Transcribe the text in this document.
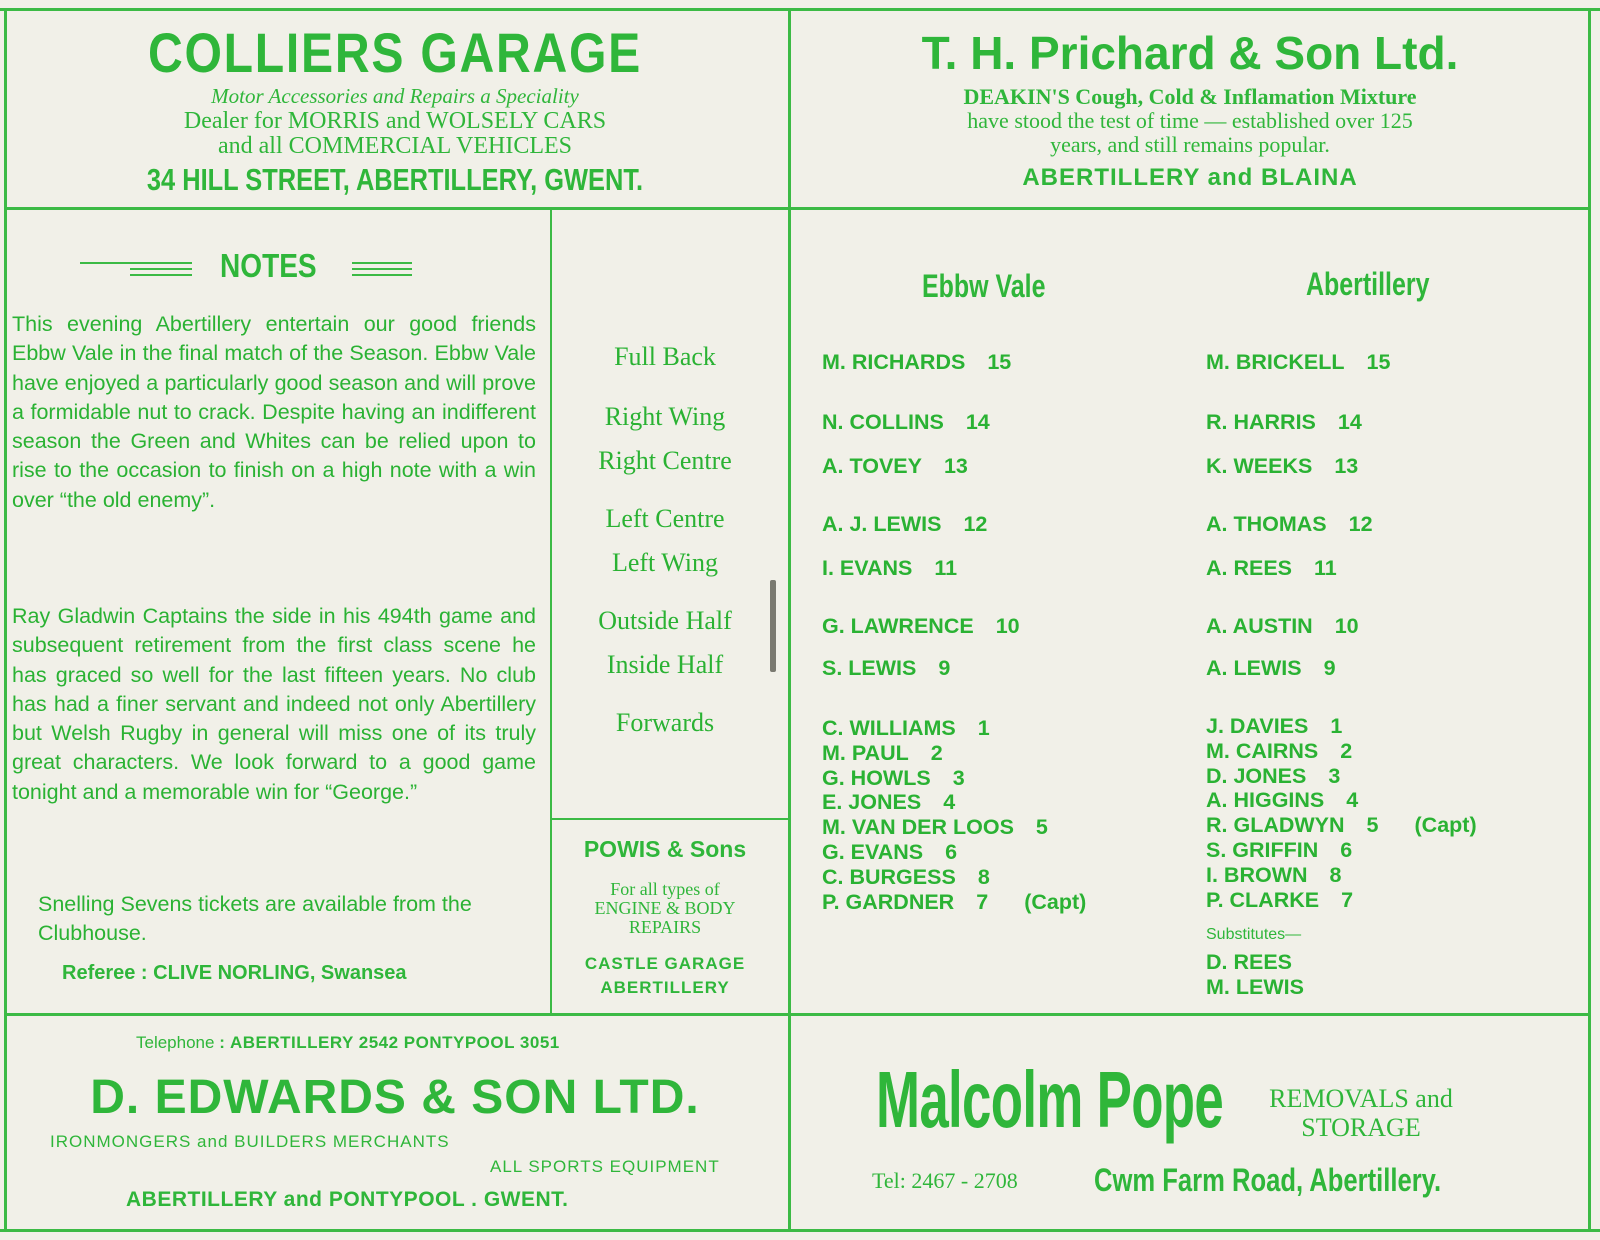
COLLIERS GARAGE
Motor Accessories and Repairs a Speciality
Dealer for MORRIS and WOLSELY CARS
and all COMMERCIAL VEHICLES
34 HILL STREET, ABERTILLERY, GWENT.
T. H. Prichard & Son Ltd.
DEAKIN'S Cough, Cold & Inflamation Mixture
have stood the test of time — established over 125
years, and still remains popular.
ABERTILLERY and BLAINA
NOTES

This evening Abertillery entertain our good friends Ebbw Vale in the final match of the Season. Ebbw Vale have enjoyed a particularly good season and will prove a formidable nut to crack. Despite having an indifferent season the Green and Whites can be relied upon to rise to the occasion to finish on a high note with a win over “the old enemy”.

Ray Gladwin Captains the side in his 494th game and subsequent retirement from the first class scene he has graced so well for the last fifteen years. No club has had a finer servant and indeed not only Abertillery but Welsh Rugby in general will miss one of its truly great characters. We look forward to a good game tonight and a memorable win for “George.”

Snelling Sevens tickets are available from the Clubhouse.

Referee : CLIVE NORLING, Swansea
Full Back
Right Wing
Right Centre
Left Centre
Left Wing
Outside Half
Inside Half
Forwards
POWIS & Sons
For all types of
ENGINE & BODY
REPAIRS
CASTLE GARAGE
ABERTILLERY
Ebbw Vale	Abertillery
M. RICHARDS 15
N. COLLINS 14
A. TOVEY 13
A. J. LEWIS 12
I. EVANS 11
G. LAWRENCE 10
S. LEWIS 9
M. BRICKELL 15
R. HARRIS 14
K. WEEKS 13
A. THOMAS 12
A. REES 11
A. AUSTIN 10
A. LEWIS 9
C. WILLIAMS 1
M. PAUL 2
G. HOWLS 3
E. JONES 4
M. VAN DER LOOS 5
G. EVANS 6
C. BURGESS 8
P. GARDNER 7 (Capt)
J. DAVIES 1
M. CAIRNS 2
D. JONES 3
A. HIGGINS 4
R. GLADWYN 5 (Capt)
S. GRIFFIN 6
I. BROWN 8
P. CLARKE 7
Substitutes—
D. REES
M. LEWIS
Telephone : ABERTILLERY 2542 PONTYPOOL 3051
D. EDWARDS & SON LTD.
IRONMONGERS and BUILDERS MERCHANTS
ALL SPORTS EQUIPMENT
ABERTILLERY and PONTYPOOL . GWENT.
Malcolm Pope	REMOVALS and
STORAGE
Tel: 2467 - 2708 Cwm Farm Road, Abertillery.
